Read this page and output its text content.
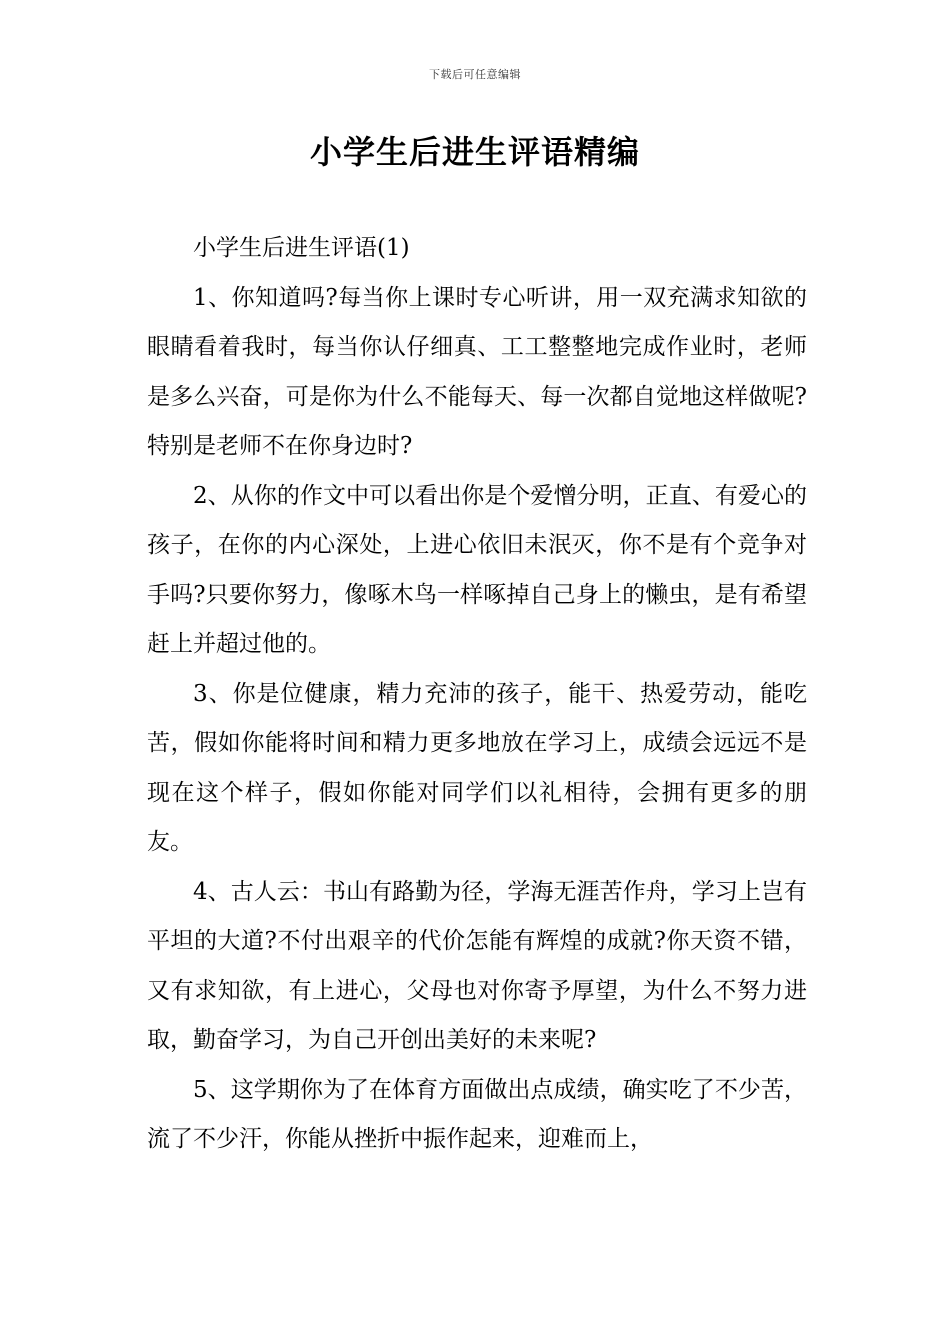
下载后可任意编辑
小学生后进生评语精编

小学生后进生评语(1)

1、你知道吗?每当你上课时专心听讲，用一双充满求知欲的眼睛看着我时，每当你认仔细真、工工整整地完成作业时，老师是多么兴奋，可是你为什么不能每天、每一次都自觉地这样做呢?特别是老师不在你身边时?

2、从你的作文中可以看出你是个爱憎分明，正直、有爱心的孩子，在你的内心深处，上进心依旧未泯灭，你不是有个竞争对手吗?只要你努力，像啄木鸟一样啄掉自己身上的懒虫，是有希望赶上并超过他的。

3、你是位健康，精力充沛的孩子，能干、热爱劳动，能吃苦，假如你能将时间和精力更多地放在学习上，成绩会远远不是现在这个样子，假如你能对同学们以礼相待，会拥有更多的朋友。

4、古人云：书山有路勤为径，学海无涯苦作舟，学习上岂有平坦的大道?不付出艰辛的代价怎能有辉煌的成就?你天资不错，又有求知欲，有上进心，父母也对你寄予厚望，为什么不努力进取，勤奋学习，为自己开创出美好的未来呢?

5、这学期你为了在体育方面做出点成绩，确实吃了不少苦，流了不少汗，你能从挫折中振作起来，迎难而上，
